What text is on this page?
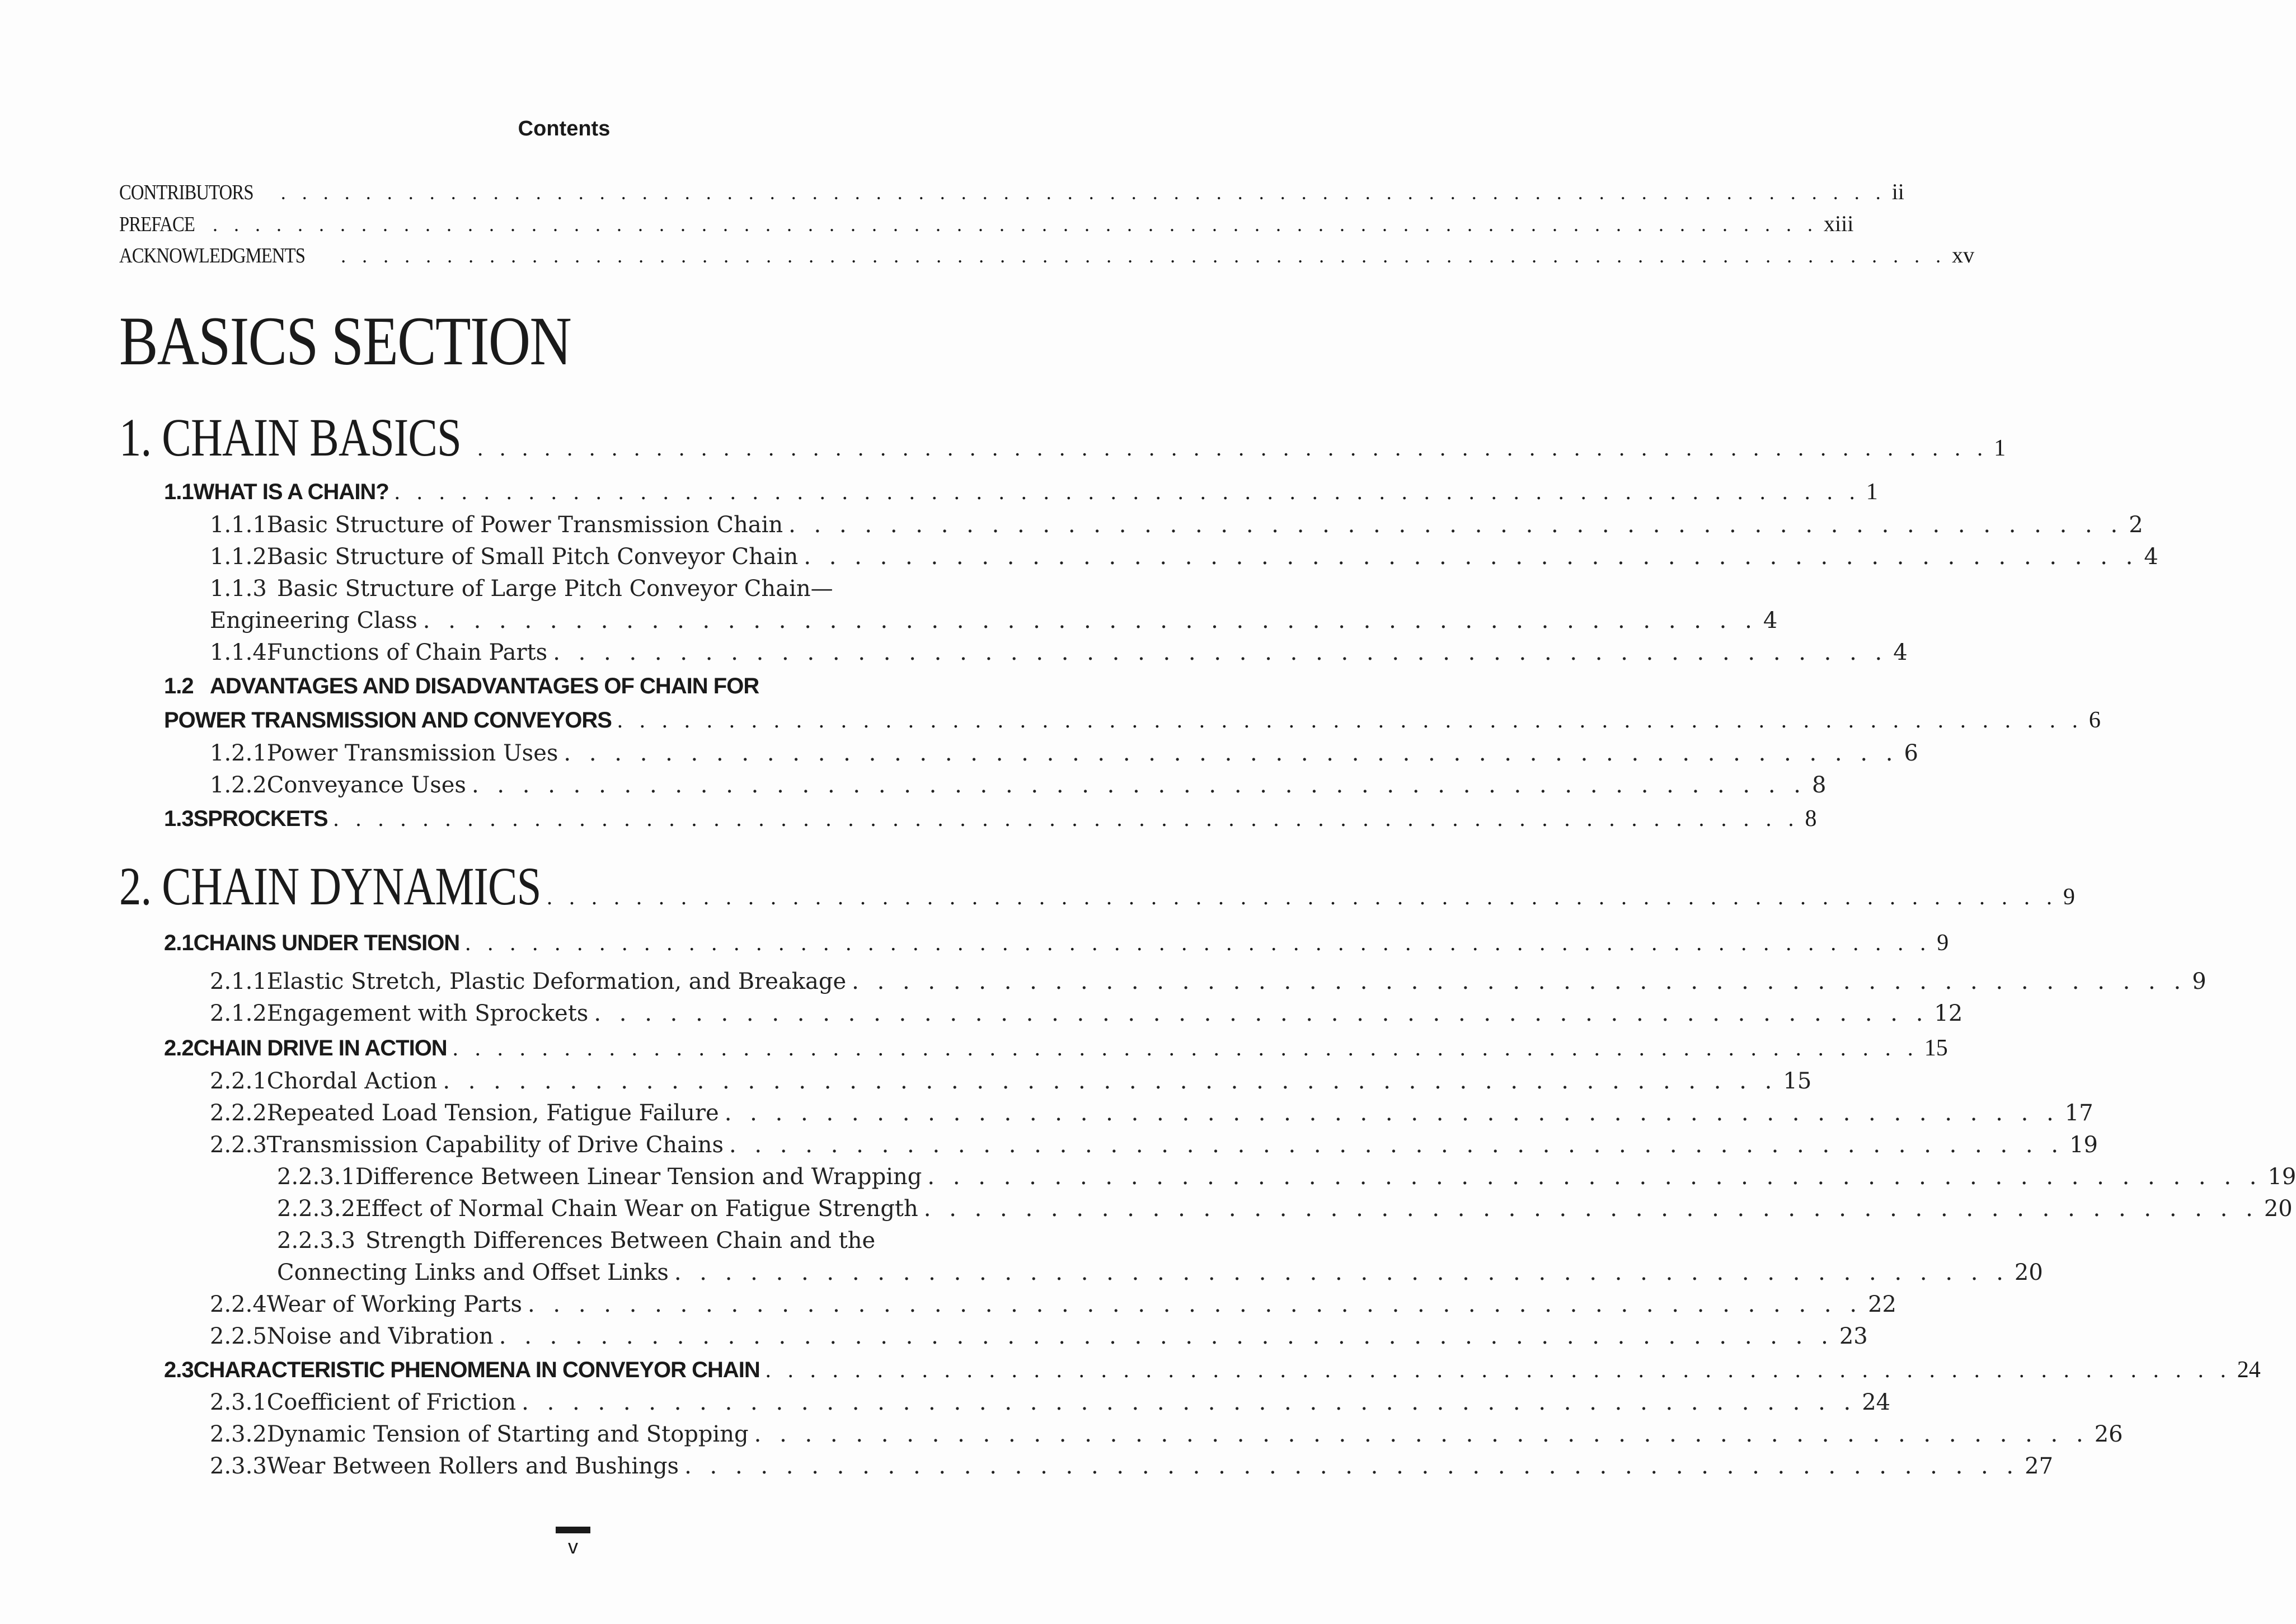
Contents
CONTRIBUTORS . . . . . . . . . . . . . . . . . . . . . . . . . . . . . . . . . . . . . . . . . . . . . . . . . . . . . . . . . . . . . . . . . . . . . . . . . . . . ii
PREFACE . . . . . . . . . . . . . . . . . . . . . . . . . . . . . . . . . . . . . . . . . . . . . . . . . . . . . . . . . . . . . . . . . . . . . . . . . . . . xiii
ACKNOWLEDGMENTS . . . . . . . . . . . . . . . . . . . . . . . . . . . . . . . . . . . . . . . . . . . . . . . . . . . . . . . . . . . . . . . . . . . . . . . . . . . . xv
BASICS SECTION
1. CHAIN BASICS . . . . . . . . . . . . . . . . . . . . . . . . . . . . . . . . . . . . . . . . . . . . . . . . . . . . . . . . . . . . . . . . . . . . 1
1.1 WHAT IS A CHAIN? . . . . . . . . . . . . . . . . . . . . . . . . . . . . . . . . . . . . . . . . . . . . . . . . . . . . . . . . . . . . . . . . . . 1
1.1.1 Basic Structure of Power Transmission Chain . . . . . . . . . . . . . . . . . . . . . . . . . . . . . . . . . . . . . . . . . . . . . . . . . . . . . 2
1.1.2 Basic Structure of Small Pitch Conveyor Chain . . . . . . . . . . . . . . . . . . . . . . . . . . . . . . . . . . . . . . . . . . . . . . . . . . . . . 4
1.1.3 Basic Structure of Large Pitch Conveyor Chain—
Engineering Class . . . . . . . . . . . . . . . . . . . . . . . . . . . . . . . . . . . . . . . . . . . . . . . . . . . . . 4
1.1.4 Functions of Chain Parts . . . . . . . . . . . . . . . . . . . . . . . . . . . . . . . . . . . . . . . . . . . . . . . . . . . . . 4
1.2 ADVANTAGES AND DISADVANTAGES OF CHAIN FOR
POWER TRANSMISSION AND CONVEYORS . . . . . . . . . . . . . . . . . . . . . . . . . . . . . . . . . . . . . . . . . . . . . . . . . . . . . . . . . . . . . . . . . . 6
1.2.1 Power Transmission Uses . . . . . . . . . . . . . . . . . . . . . . . . . . . . . . . . . . . . . . . . . . . . . . . . . . . . . 6
1.2.2 Conveyance Uses . . . . . . . . . . . . . . . . . . . . . . . . . . . . . . . . . . . . . . . . . . . . . . . . . . . . . 8
1.3 SPROCKETS . . . . . . . . . . . . . . . . . . . . . . . . . . . . . . . . . . . . . . . . . . . . . . . . . . . . . . . . . . . . . . . . . . 8
2. CHAIN DYNAMICS . . . . . . . . . . . . . . . . . . . . . . . . . . . . . . . . . . . . . . . . . . . . . . . . . . . . . . . . . . . . . . . . . . . . 9
2.1 CHAINS UNDER TENSION . . . . . . . . . . . . . . . . . . . . . . . . . . . . . . . . . . . . . . . . . . . . . . . . . . . . . . . . . . . . . . . . . . 9
2.1.1 Elastic Stretch, Plastic Deformation, and Breakage . . . . . . . . . . . . . . . . . . . . . . . . . . . . . . . . . . . . . . . . . . . . . . . . . . . . . 9
2.1.2 Engagement with Sprockets . . . . . . . . . . . . . . . . . . . . . . . . . . . . . . . . . . . . . . . . . . . . . . . . . . . . . 12
2.2 CHAIN DRIVE IN ACTION . . . . . . . . . . . . . . . . . . . . . . . . . . . . . . . . . . . . . . . . . . . . . . . . . . . . . . . . . . . . . . . . . . 15
2.2.1 Chordal Action . . . . . . . . . . . . . . . . . . . . . . . . . . . . . . . . . . . . . . . . . . . . . . . . . . . . . 15
2.2.2 Repeated Load Tension, Fatigue Failure . . . . . . . . . . . . . . . . . . . . . . . . . . . . . . . . . . . . . . . . . . . . . . . . . . . . . 17
2.2.3 Transmission Capability of Drive Chains . . . . . . . . . . . . . . . . . . . . . . . . . . . . . . . . . . . . . . . . . . . . . . . . . . . . . 19
2.2.3.1 Difference Between Linear Tension and Wrapping . . . . . . . . . . . . . . . . . . . . . . . . . . . . . . . . . . . . . . . . . . . . . . . . . . . . . 19
2.2.3.2 Effect of Normal Chain Wear on Fatigue Strength . . . . . . . . . . . . . . . . . . . . . . . . . . . . . . . . . . . . . . . . . . . . . . . . . . . . . 20
2.2.3.3 Strength Differences Between Chain and the
Connecting Links and Offset Links . . . . . . . . . . . . . . . . . . . . . . . . . . . . . . . . . . . . . . . . . . . . . . . . . . . . . 20
2.2.4 Wear of Working Parts . . . . . . . . . . . . . . . . . . . . . . . . . . . . . . . . . . . . . . . . . . . . . . . . . . . . . 22
2.2.5 Noise and Vibration . . . . . . . . . . . . . . . . . . . . . . . . . . . . . . . . . . . . . . . . . . . . . . . . . . . . . 23
2.3 CHARACTERISTIC PHENOMENA IN CONVEYOR CHAIN . . . . . . . . . . . . . . . . . . . . . . . . . . . . . . . . . . . . . . . . . . . . . . . . . . . . . . . . . . . . . . . . . . 24
2.3.1 Coefficient of Friction . . . . . . . . . . . . . . . . . . . . . . . . . . . . . . . . . . . . . . . . . . . . . . . . . . . . . 24
2.3.2 Dynamic Tension of Starting and Stopping . . . . . . . . . . . . . . . . . . . . . . . . . . . . . . . . . . . . . . . . . . . . . . . . . . . . . 26
2.3.3 Wear Between Rollers and Bushings . . . . . . . . . . . . . . . . . . . . . . . . . . . . . . . . . . . . . . . . . . . . . . . . . . . . . 27
v
